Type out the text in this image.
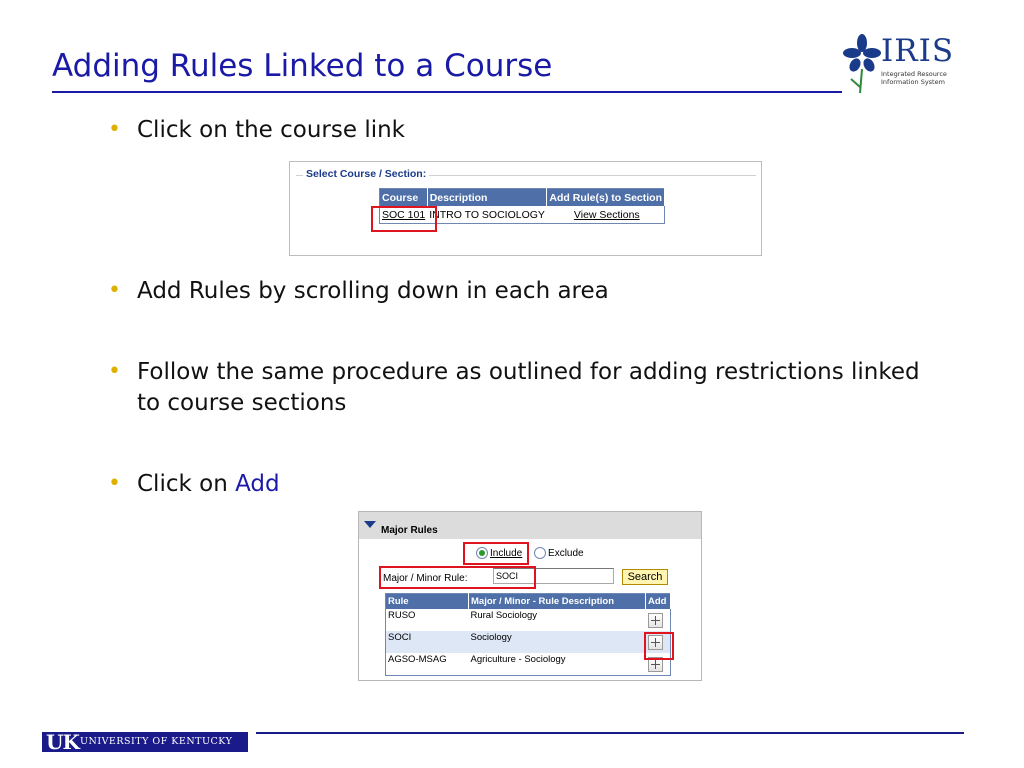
Adding Rules Linked to a Course	IRIS
Integrated Resource Information System
• Click on the course link
Select Course / Section:
Course	Description	Add Rule(s) to Section
SOC 101	INTRO TO SOCIOLOGY	View Sections
• Add Rules by scrolling down in each area
• Follow the same procedure as outlined for adding restrictions linked to course sections
• Click on Add
Major Rules
Include	Exclude
Major / Minor Rule:
SOCI	Search
Rule	Major / Minor - Rule Description	Add
RUSO	Rural Sociology	
SOCI	Sociology	
AGSO-MSAG	Agriculture - Sociology	
UK UNIVERSITY OF KENTUCKY
